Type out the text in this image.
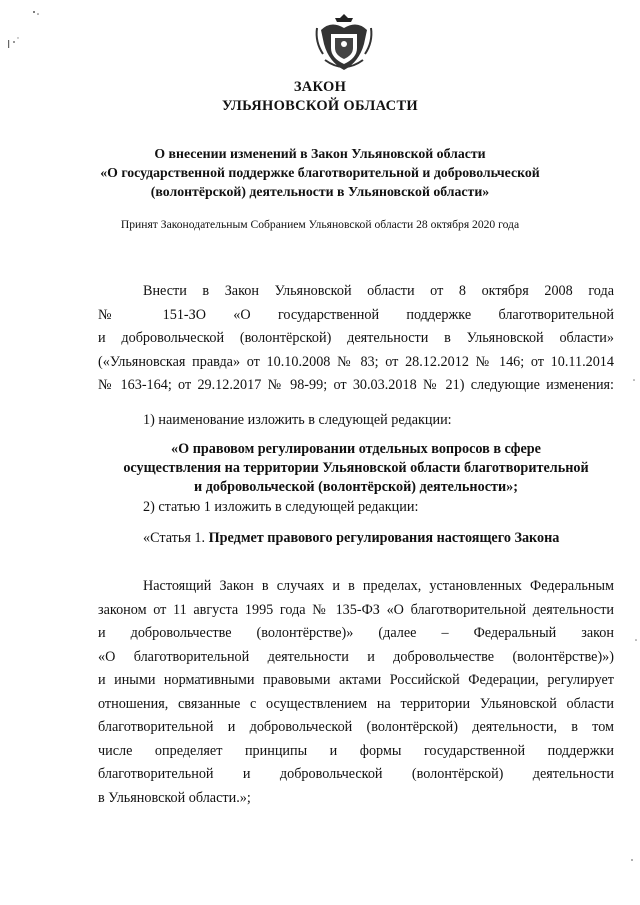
ЗАКОН
УЛЬЯНОВСКОЙ ОБЛАСТИ
О внесении изменений в Закон Ульяновской области
«О государственной поддержке благотворительной и добровольческой
(волонтёрской) деятельности в Ульяновской области»
Принят Законодательным Собранием Ульяновской области 28 октября 2020 года
Внести в Закон Ульяновской области от 8 октября 2008 года
№ 151-ЗО «О государственной поддержке благотворительной
и добровольческой (волонтёрской) деятельности в Ульяновской области»
(«Ульяновская правда» от 10.10.2008 № 83; от 28.12.2012 № 146; от 10.11.2014
№ 163-164; от 29.12.2017 № 98-99; от 30.03.2018 № 21) следующие изменения:
1) наименование изложить в следующей редакции:
«О правовом регулировании отдельных вопросов в сфере
осуществления на территории Ульяновской области благотворительной
и добровольческой (волонтёрской) деятельности»;
2) статью 1 изложить в следующей редакции:
«Статья 1. Предмет правового регулирования настоящего Закона
Настоящий Закон в случаях и в пределах, установленных Федеральным
законом от 11 августа 1995 года № 135-ФЗ «О благотворительной деятельности
и добровольчестве (волонтёрстве)» (далее – Федеральный закон
«О благотворительной деятельности и добровольчестве (волонтёрстве)»)
и иными нормативными правовыми актами Российской Федерации, регулирует
отношения, связанные с осуществлением на территории Ульяновской области
благотворительной и добровольческой (волонтёрской) деятельности, в том
числе определяет принципы и формы государственной поддержки
благотворительной и добровольческой (волонтёрской) деятельности
в Ульяновской области.»;
